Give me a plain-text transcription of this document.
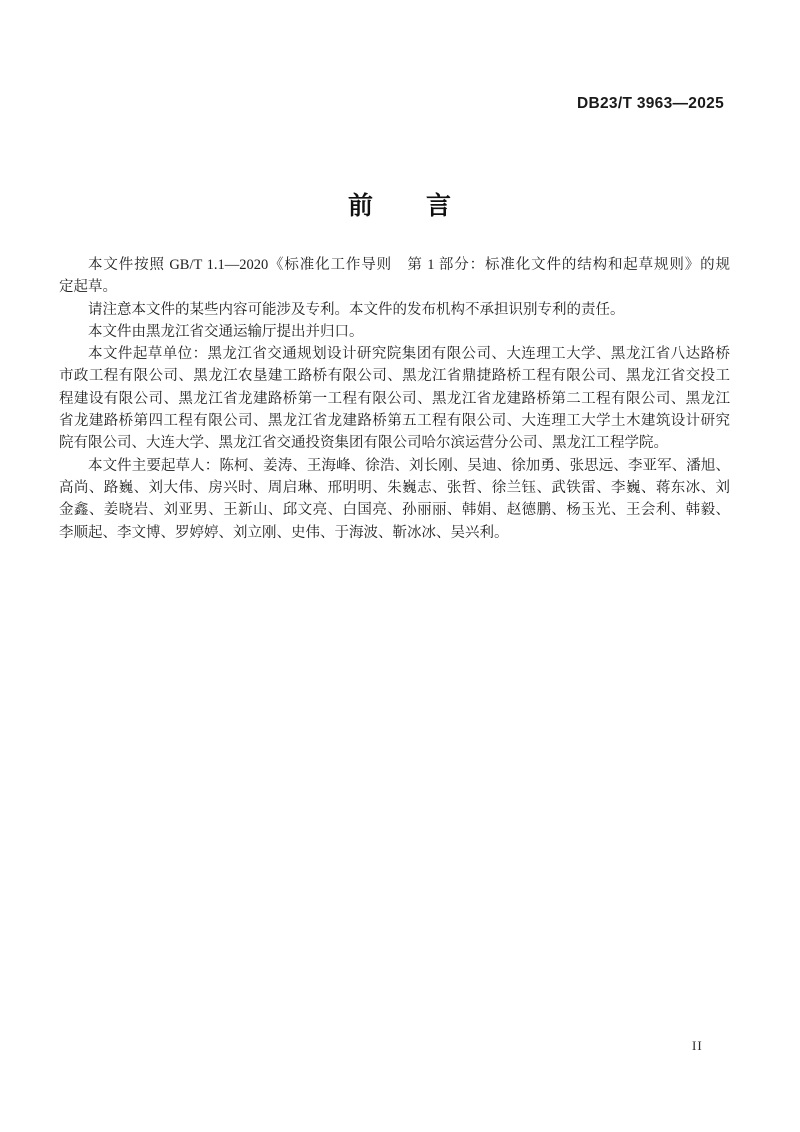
DB23/T 3963—2025
前　　言
本文件按照 GB/T 1.1—2020《标准化工作导则　第 1 部分：标准化文件的结构和起草规则》的规
定起草。
请注意本文件的某些内容可能涉及专利。本文件的发布机构不承担识别专利的责任。
本文件由黑龙江省交通运输厅提出并归口。
本文件起草单位：黑龙江省交通规划设计研究院集团有限公司、大连理工大学、黑龙江省八达路桥
市政工程有限公司、黑龙江农垦建工路桥有限公司、黑龙江省鼎捷路桥工程有限公司、黑龙江省交投工
程建设有限公司、黑龙江省龙建路桥第一工程有限公司、黑龙江省龙建路桥第二工程有限公司、黑龙江
省龙建路桥第四工程有限公司、黑龙江省龙建路桥第五工程有限公司、大连理工大学土木建筑设计研究
院有限公司、大连大学、黑龙江省交通投资集团有限公司哈尔滨运营分公司、黑龙江工程学院。
本文件主要起草人：陈柯、姜涛、王海峰、徐浩、刘长刚、吴迪、徐加勇、张思远、李亚军、潘旭、
高尚、路巍、刘大伟、房兴时、周启琳、邢明明、朱巍志、张哲、徐兰钰、武铁雷、李巍、蒋东冰、刘
金鑫、姜晓岩、刘亚男、王新山、邱文亮、白国亮、孙丽丽、韩娟、赵德鹏、杨玉光、王会利、韩毅、
李顺起、李文博、罗婷婷、刘立刚、史伟、于海波、靳冰冰、吴兴利。
II
